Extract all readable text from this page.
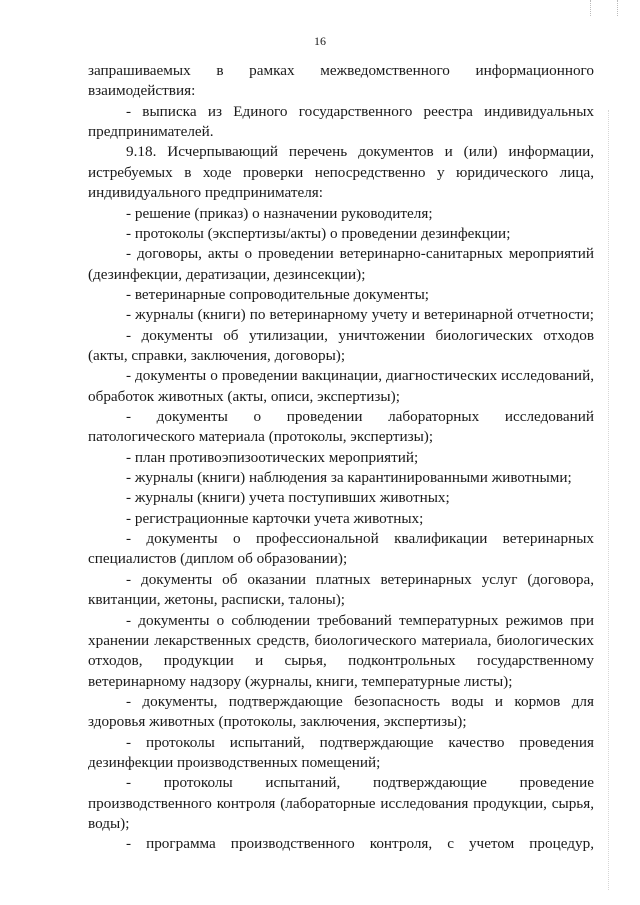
16
запрашиваемых в рамках межведомственного информационного
взаимодействия:
- выписка из Единого государственного реестра индивидуальных
предпринимателей.
9.18. Исчерпывающий перечень документов и (или) информации,
истребуемых в ходе проверки непосредственно у юридического лица,
индивидуального предпринимателя:
- решение (приказ) о назначении руководителя;
- протоколы (экспертизы/акты) о проведении дезинфекции;
- договоры, акты о проведении ветеринарно-санитарных мероприятий
(дезинфекции, дератизации, дезинсекции);
- ветеринарные сопроводительные документы;
- журналы (книги) по ветеринарному учету и ветеринарной отчетности;
- документы об утилизации, уничтожении биологических отходов
(акты, справки, заключения, договоры);
- документы о проведении вакцинации, диагностических исследований,
обработок животных (акты, описи, экспертизы);
- документы о проведении лабораторных исследований
патологического материала (протоколы, экспертизы);
- план противоэпизоотических мероприятий;
- журналы (книги) наблюдения за карантинированными животными;
- журналы (книги) учета поступивших животных;
- регистрационные карточки учета животных;
- документы о профессиональной квалификации ветеринарных
специалистов (диплом об образовании);
- документы об оказании платных ветеринарных услуг (договора,
квитанции, жетоны, расписки, талоны);
- документы о соблюдении требований температурных режимов при
хранении лекарственных средств, биологического материала, биологических
отходов, продукции и сырья, подконтрольных государственному
ветеринарному надзору (журналы, книги, температурные листы);
- документы, подтверждающие безопасность воды и кормов для
здоровья животных (протоколы, заключения, экспертизы);
- протоколы испытаний, подтверждающие качество проведения
дезинфекции производственных помещений;
- протоколы испытаний, подтверждающие проведение
производственного контроля (лабораторные исследования продукции, сырья,
воды);
- программа производственного контроля, с учетом процедур,
